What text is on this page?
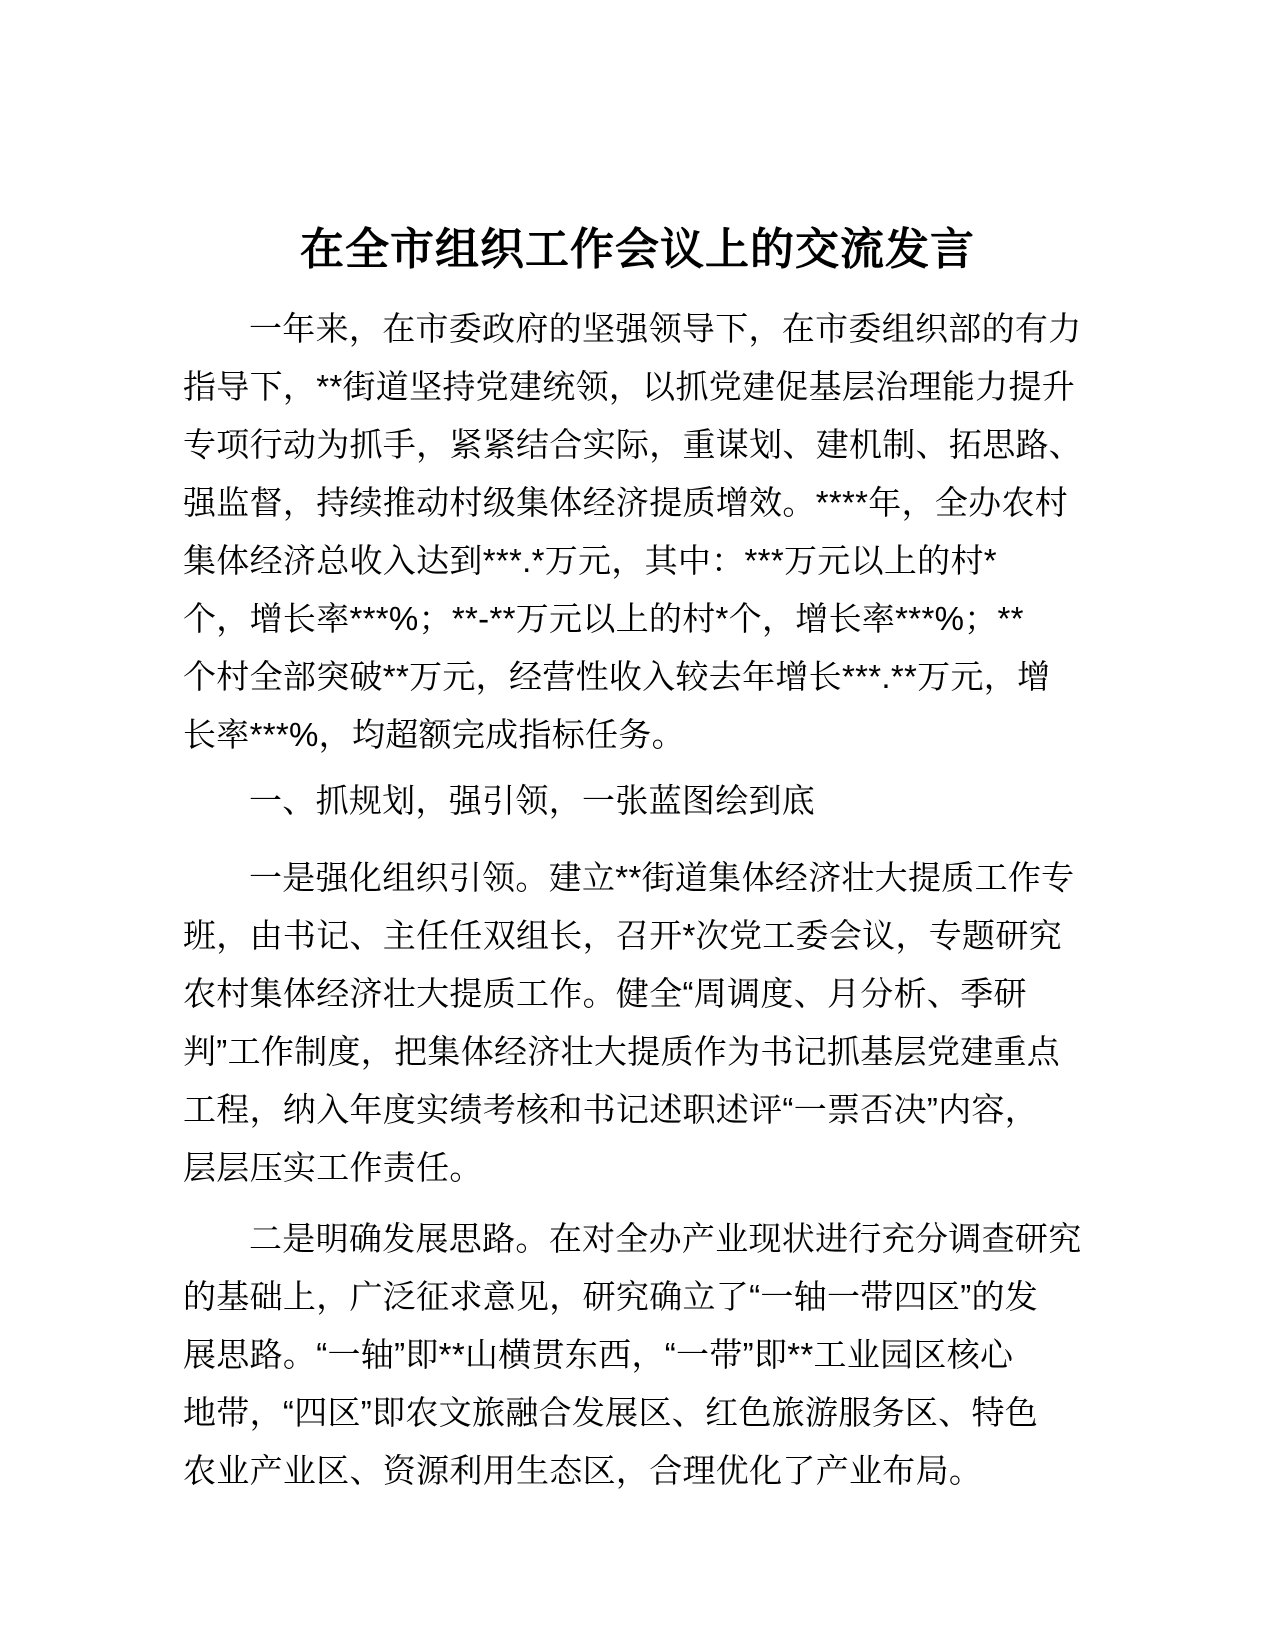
在全市组织工作会议上的交流发言
一年来，在市委政府的坚强领导下，在市委组织部的有力
指导下，**街道坚持党建统领，以抓党建促基层治理能力提升
专项行动为抓手，紧紧结合实际，重谋划、建机制、拓思路、
强监督，持续推动村级集体经济提质增效。****年，全办农村
集体经济总收入达到***.*万元，其中：***万元以上的村*
个，增长率***%；**-**万元以上的村*个，增长率***%；**
个村全部突破**万元，经营性收入较去年增长***.**万元，增
长率***%，均超额完成指标任务。
一、抓规划，强引领，一张蓝图绘到底
一是强化组织引领。建立**街道集体经济壮大提质工作专
班，由书记、主任任双组长，召开*次党工委会议，专题研究
农村集体经济壮大提质工作。健全“周调度、月分析、季研
判”工作制度，把集体经济壮大提质作为书记抓基层党建重点
工程，纳入年度实绩考核和书记述职述评“一票否决”内容，
层层压实工作责任。
二是明确发展思路。在对全办产业现状进行充分调查研究
的基础上，广泛征求意见，研究确立了“一轴一带四区”的发
展思路。“一轴”即**山横贯东西，“一带”即**工业园区核心
地带，“四区”即农文旅融合发展区、红色旅游服务区、特色
农业产业区、资源利用生态区，合理优化了产业布局。
